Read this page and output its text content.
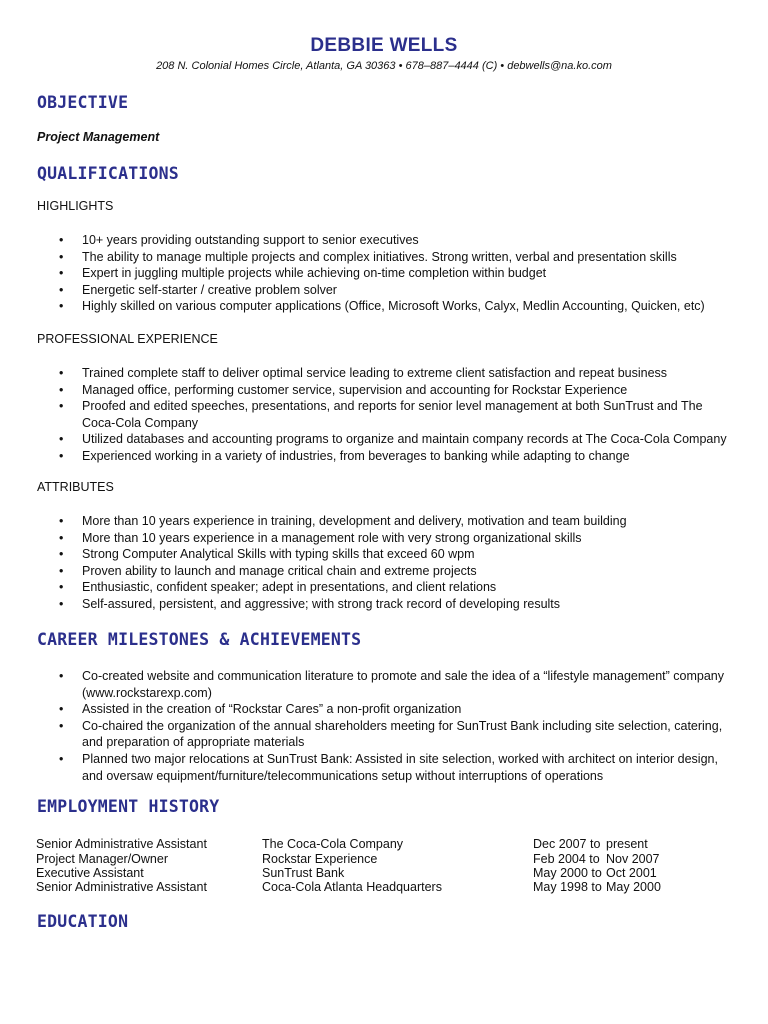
DEBBIE WELLS
208 N. Colonial Homes Circle, Atlanta, GA 30363 • 678–887–4444 (C) • debwells@na.ko.com
OBJECTIVE
Project Management
QUALIFICATIONS
HIGHLIGHTS
• 10+ years providing outstanding support to senior executives
• The ability to manage multiple projects and complex initiatives. Strong written, verbal and presentation skills
• Expert in juggling multiple projects while achieving on-time completion within budget
• Energetic self-starter / creative problem solver
• Highly skilled on various computer applications (Office, Microsoft Works, Calyx, Medlin Accounting, Quicken, etc)
PROFESSIONAL EXPERIENCE
• Trained complete staff to deliver optimal service leading to extreme client satisfaction and repeat business
• Managed office, performing customer service, supervision and accounting for Rockstar Experience
• Proofed and edited speeches, presentations, and reports for senior level management at both SunTrust and The Coca-Cola Company
• Utilized databases and accounting programs to organize and maintain company records at The Coca-Cola Company
• Experienced working in a variety of industries, from beverages to banking while adapting to change
ATTRIBUTES
• More than 10 years experience in training, development and delivery, motivation and team building
• More than 10 years experience in a management role with very strong organizational skills
• Strong Computer Analytical Skills with typing skills that exceed 60 wpm
• Proven ability to launch and manage critical chain and extreme projects
• Enthusiastic, confident speaker; adept in presentations, and client relations
• Self-assured, persistent, and aggressive; with strong track record of developing results
CAREER MILESTONES & ACHIEVEMENTS
• Co-created website and communication literature to promote and sale the idea of a “lifestyle management” company (www.rockstarexp.com)
• Assisted in the creation of “Rockstar Cares” a non-profit organization
• Co-chaired the organization of the annual shareholders meeting for SunTrust Bank including site selection, catering, and preparation of appropriate materials
• Planned two major relocations at SunTrust Bank: Assisted in site selection, worked with architect on interior design, and oversaw equipment/furniture/telecommunications setup without interruptions of operations
EMPLOYMENT HISTORY
Senior Administrative Assistant	The Coca-Cola Company	Dec 2007 to present
Project Manager/Owner	Rockstar Experience	Feb 2004 to Nov 2007
Executive Assistant	SunTrust Bank	May 2000 to Oct 2001
Senior Administrative Assistant	Coca-Cola Atlanta Headquarters	May 1998 to May 2000
EDUCATION
